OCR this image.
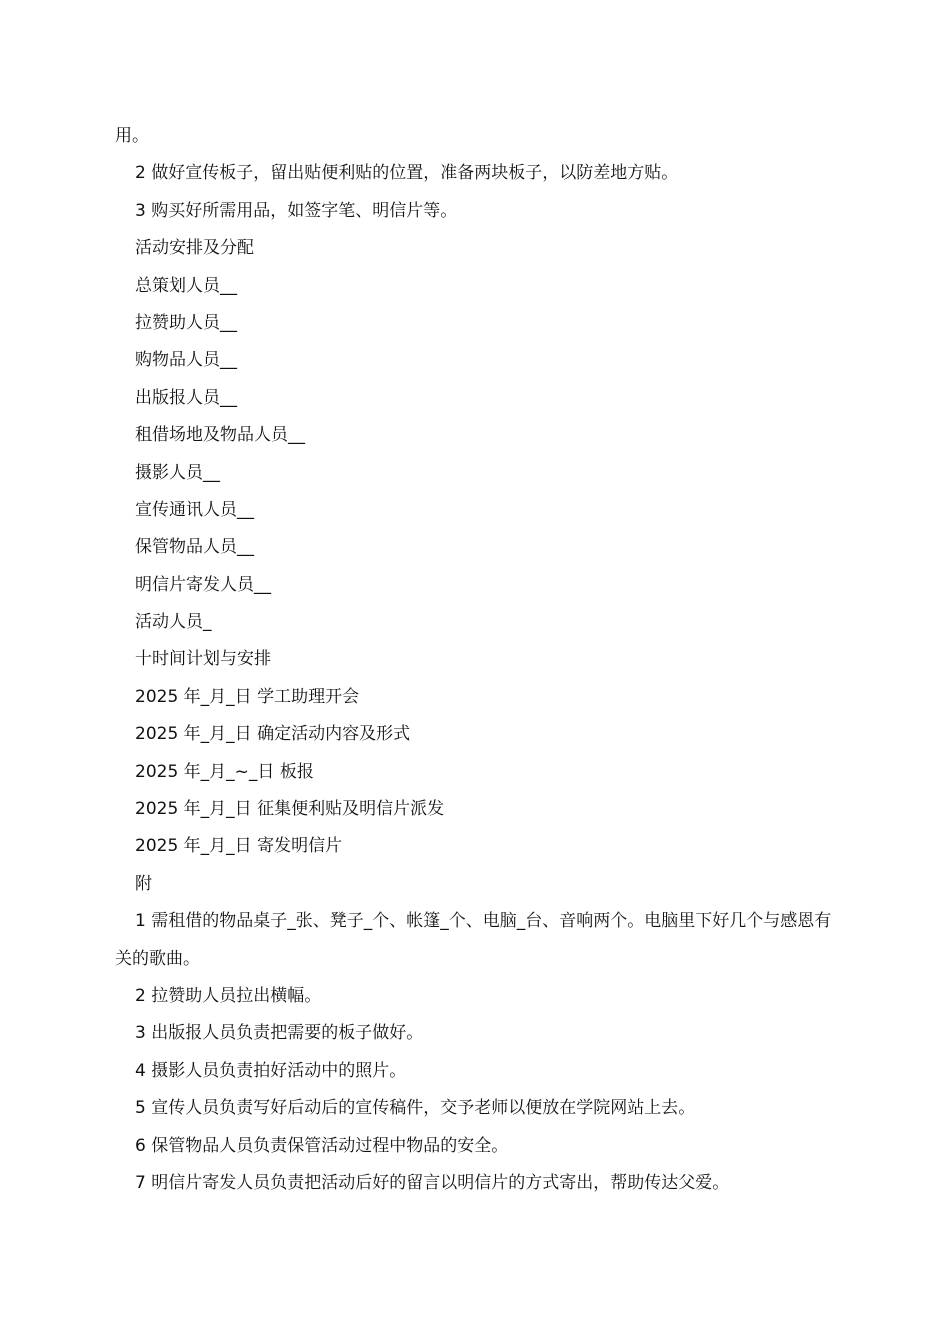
用。
2 做好宣传板子，留出贴便利贴的位置，准备两块板子，以防差地方贴。
3 购买好所需用品，如签字笔、明信片等。
活动安排及分配
总策划人员__
拉赞助人员__
购物品人员__
出版报人员__
租借场地及物品人员__
摄影人员__
宣传通讯人员__
保管物品人员__
明信片寄发人员__
活动人员_
十时间计划与安排
2025 年_月_日 学工助理开会
2025 年_月_日 确定活动内容及形式
2025 年_月_~_日 板报
2025 年_月_日 征集便利贴及明信片派发
2025 年_月_日 寄发明信片
附
1 需租借的物品桌子_张、凳子_个、帐篷_个、电脑_台、音响两个。电脑里下好几个与感恩有关的歌曲。
2 拉赞助人员拉出横幅。
3 出版报人员负责把需要的板子做好。
4 摄影人员负责拍好活动中的照片。
5 宣传人员负责写好后动后的宣传稿件，交予老师以便放在学院网站上去。
6 保管物品人员负责保管活动过程中物品的安全。
7 明信片寄发人员负责把活动后好的留言以明信片的方式寄出，帮助传达父爱。
